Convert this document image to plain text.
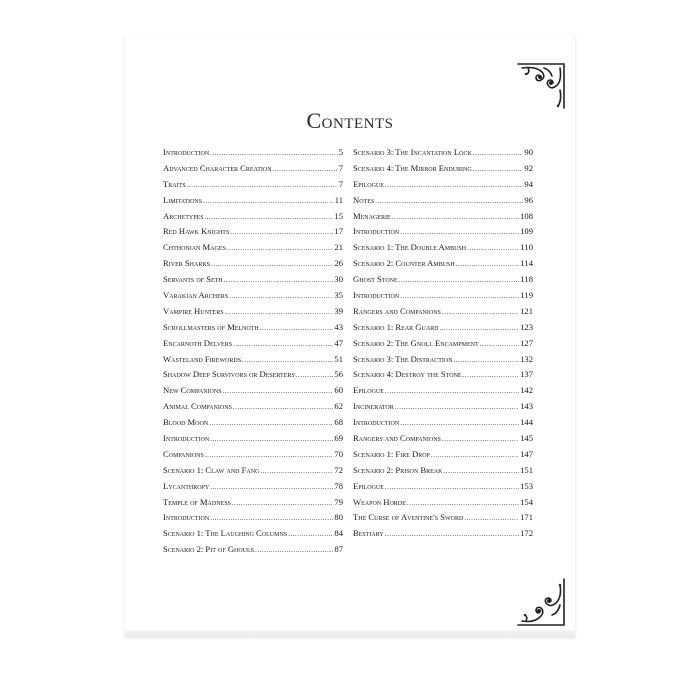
Contents
Introduction .....	5
Advanced Character Creation .....	7
Traits .....	7
Limitations .....	11
Archetypes .....	15
Red Hawk Knights .....	17
Chthonian Mages .....	21
River Sharks .....	26
Servants of Seth .....	30
Varakian Archers .....	35
Vampire Hunters .....	39
Scrollmasters of Melnoth .....	43
Encarnoth Delvers .....	47
Wasteland Firewords .....	51
Shadow Deep Survivors or Deserters .....	56
New Companions .....	60
Animal Companions .....	62
Blood Moon .....	68
Introduction .....	69
Companions .....	70
Scenario 1: Claw and Fang .....	72
Lycanthropy .....	78
Temple of Madness .....	79
Introduction .....	80
Scenario 1: The Laughing Columns .....	84
Scenario 2: Pit of Ghouls .....	87
Scenario 3: The Incantation Lock .....	90
Scenario 4: The Mirror Enduring .....	92
Epilogue .....	94
Notes .....	96
Menagerie .....	108
Introduction .....	109
Scenario 1: The Double Ambush .....	110
Scenario 2: Counter Ambush .....	114
Ghost Stone .....	118
Introduction .....	119
Rangers and Companions .....	121
Scenario 1: Rear Guard .....	123
Scenario 2: The Gnoll Encampment .....	127
Scenario 3: The Distraction .....	132
Scenario 4: Destroy the Stone .....	137
Epilogue .....	142
Incinerator .....	143
Introduction .....	144
Rangers and Companions .....	145
Scenario 1: Fire Drop .....	147
Scenario 2: Prison Break .....	151
Epilogue .....	153
Weapon Horde .....	154
The Curse of Aventine's Sword .....	171
Bestiary .....	172
